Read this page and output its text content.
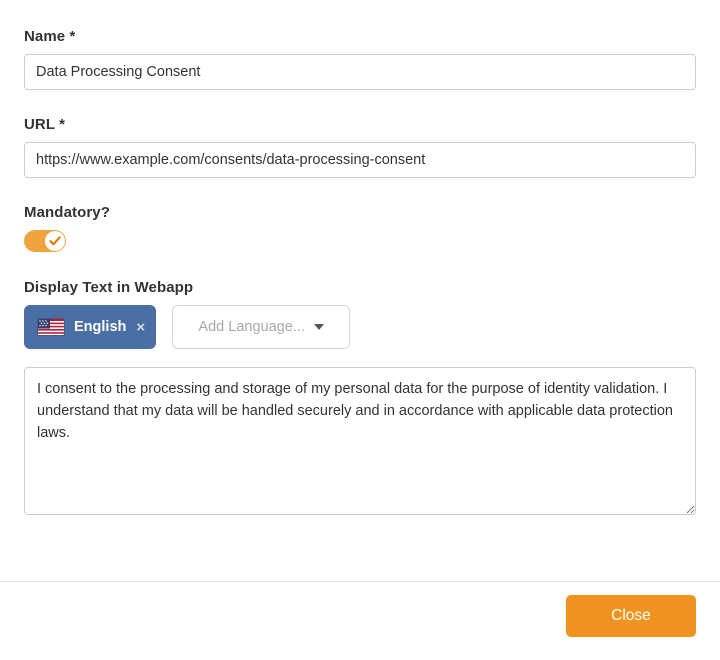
Name *
Data Processing Consent
URL *
https://www.example.com/consents/data-processing-consent
Mandatory?
Display Text in Webapp
English ×	Add Language...
I consent to the processing and storage of my personal data for the purpose of identity validation. I understand that my data will be handled securely and in accordance with applicable data protection laws.
Close
